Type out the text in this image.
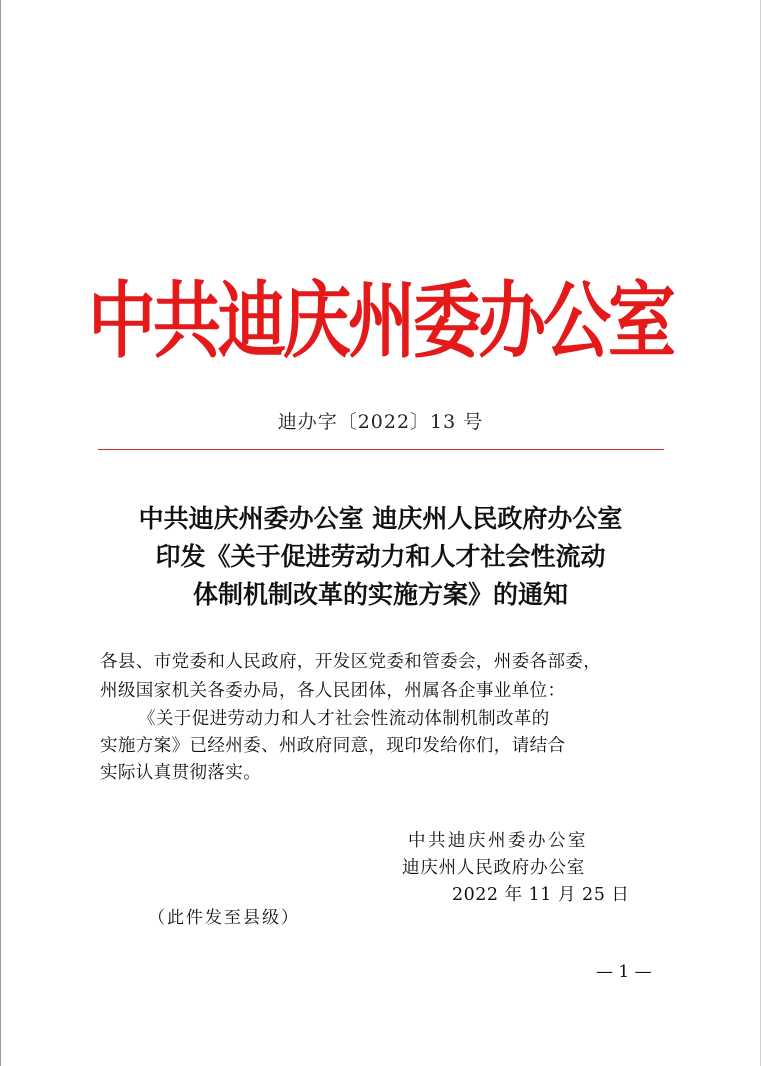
中共迪庆州委办公室
迪办字〔2022〕13 号
中共迪庆州委办公室 迪庆州人民政府办公室
印发《关于促进劳动力和人才社会性流动
体制机制改革的实施方案》的通知
各县、市党委和人民政府，开发区党委和管委会，州委各部委，
州级国家机关各委办局，各人民团体，州属各企事业单位：
《关于促进劳动力和人才社会性流动体制机制改革的
实施方案》已经州委、州政府同意，现印发给你们，请结合
实际认真贯彻落实。
中共迪庆州委办公室
迪庆州人民政府办公室
2022 年 11 月 25 日
（此件发至县级）
— 1 —
